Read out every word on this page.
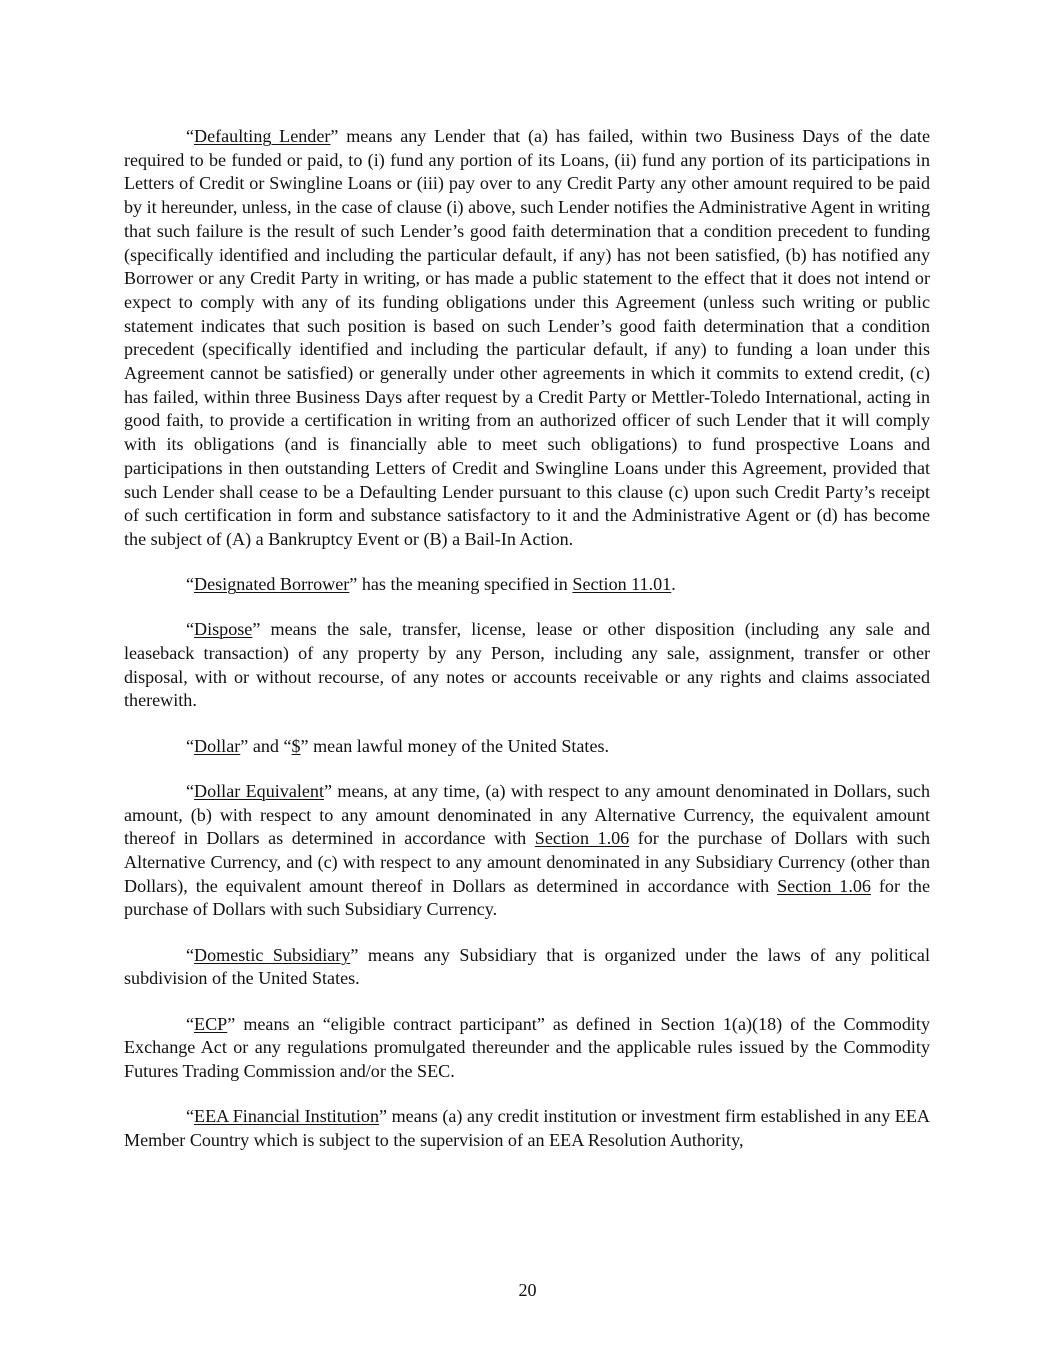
“Defaulting Lender” means any Lender that (a) has failed, within two Business Days of the date required to be funded or paid, to (i) fund any portion of its Loans, (ii) fund any portion of its participations in Letters of Credit or Swingline Loans or (iii) pay over to any Credit Party any other amount required to be paid by it hereunder, unless, in the case of clause (i) above, such Lender notifies the Administrative Agent in writing that such failure is the result of such Lender’s good faith determination that a condition precedent to funding (specifically identified and including the particular default, if any) has not been satisfied, (b) has notified any Borrower or any Credit Party in writing, or has made a public statement to the effect that it does not intend or expect to comply with any of its funding obligations under this Agreement (unless such writing or public statement indicates that such position is based on such Lender’s good faith determination that a condition precedent (specifically identified and including the particular default, if any) to funding a loan under this Agreement cannot be satisfied) or generally under other agreements in which it commits to extend credit, (c) has failed, within three Business Days after request by a Credit Party or Mettler-Toledo International, acting in good faith, to provide a certification in writing from an authorized officer of such Lender that it will comply with its obligations (and is financially able to meet such obligations) to fund prospective Loans and participations in then outstanding Letters of Credit and Swingline Loans under this Agreement, provided that such Lender shall cease to be a Defaulting Lender pursuant to this clause (c) upon such Credit Party’s receipt of such certification in form and substance satisfactory to it and the Administrative Agent or (d) has become the subject of (A) a Bankruptcy Event or (B) a Bail-In Action.

“Designated Borrower” has the meaning specified in Section 11.01.

“Dispose” means the sale, transfer, license, lease or other disposition (including any sale and leaseback transaction) of any property by any Person, including any sale, assignment, transfer or other disposal, with or without recourse, of any notes or accounts receivable or any rights and claims associated therewith.

“Dollar” and “$” mean lawful money of the United States.

“Dollar Equivalent” means, at any time, (a) with respect to any amount denominated in Dollars, such amount, (b) with respect to any amount denominated in any Alternative Currency, the equivalent amount thereof in Dollars as determined in accordance with Section 1.06 for the purchase of Dollars with such Alternative Currency, and (c) with respect to any amount denominated in any Subsidiary Currency (other than Dollars), the equivalent amount thereof in Dollars as determined in accordance with Section 1.06 for the purchase of Dollars with such Subsidiary Currency.

“Domestic Subsidiary” means any Subsidiary that is organized under the laws of any political subdivision of the United States.

“ECP” means an “eligible contract participant” as defined in Section 1(a)(18) of the Commodity Exchange Act or any regulations promulgated thereunder and the applicable rules issued by the Commodity Futures Trading Commission and/or the SEC.

“EEA Financial Institution” means (a) any credit institution or investment firm established in any EEA Member Country which is subject to the supervision of an EEA Resolution Authority,

20
